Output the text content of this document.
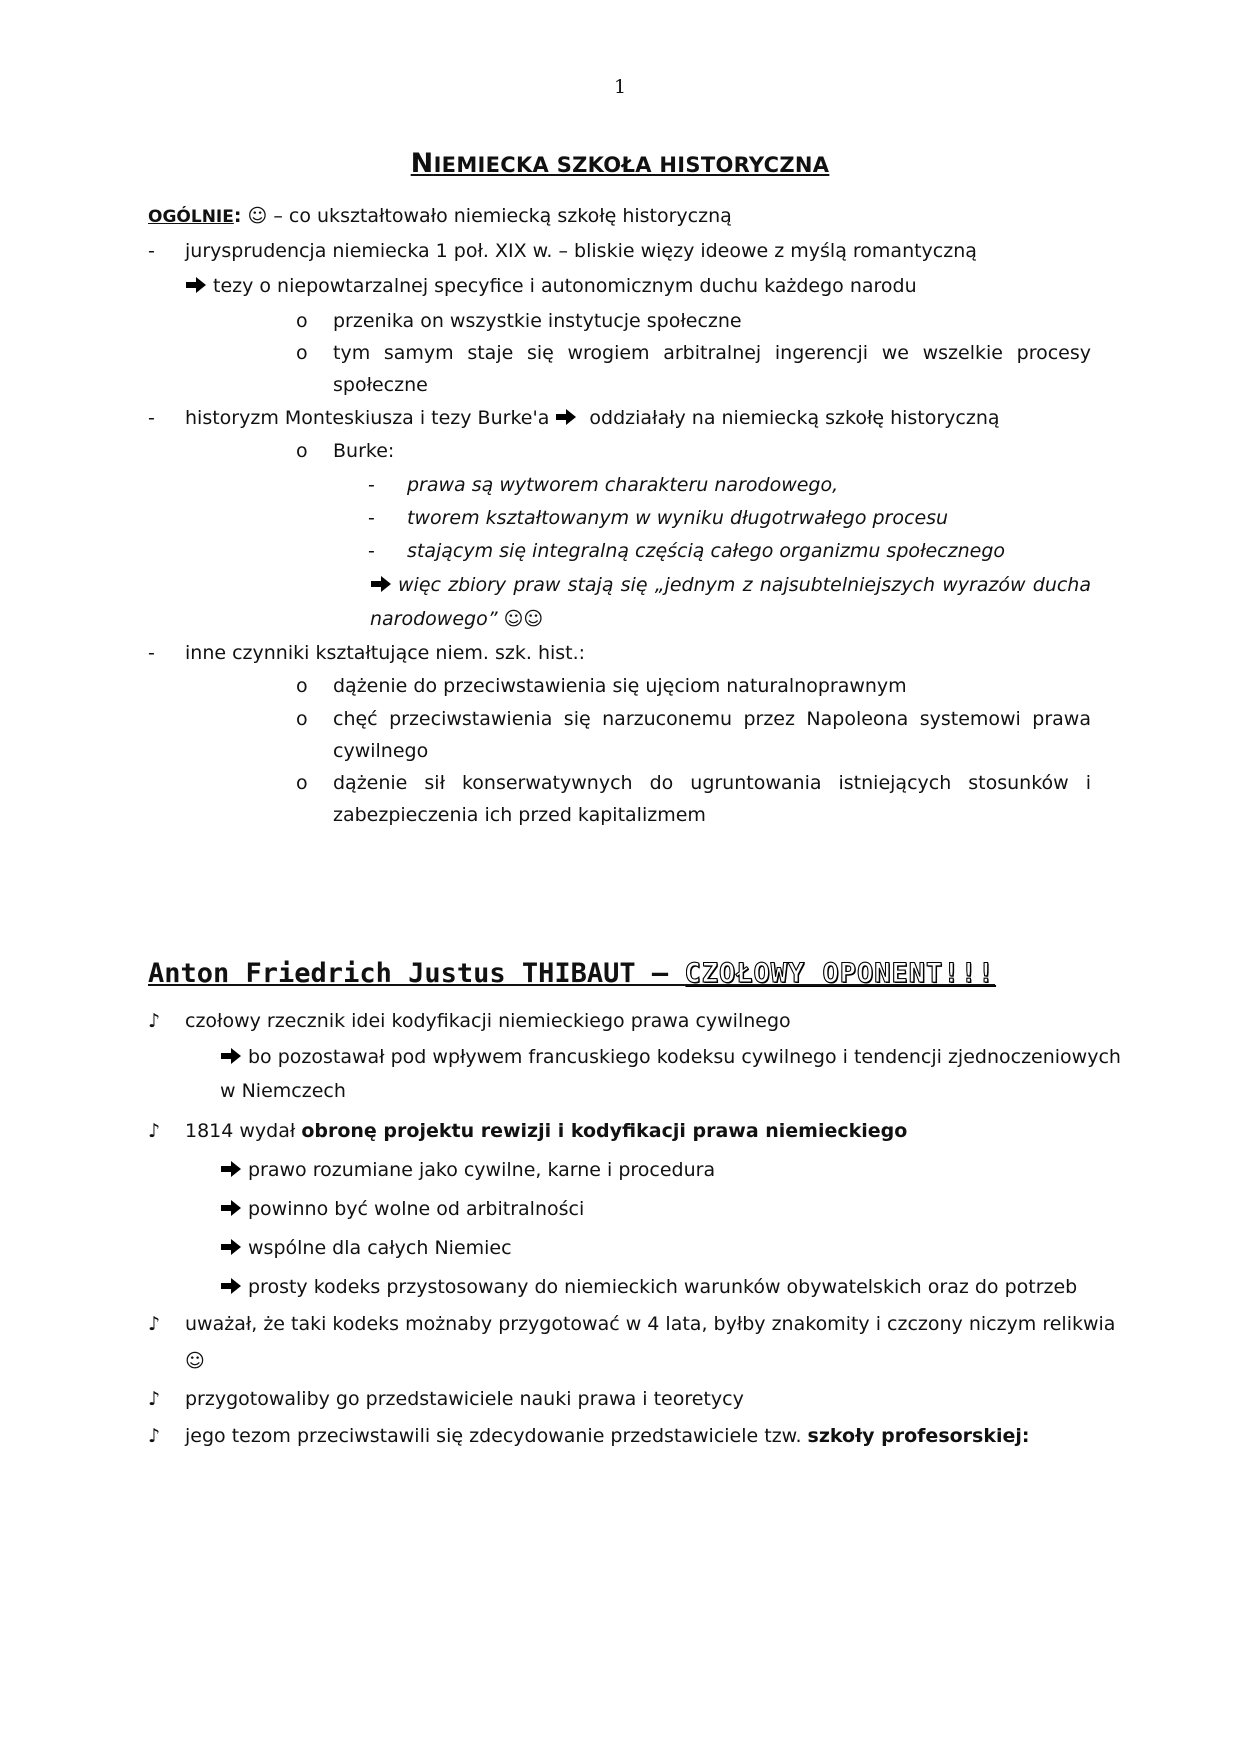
1
NIEMIECKA SZKOŁA HISTORYCZNA
OGÓLNIE: ☺ – co ukształtowało niemiecką szkołę historyczną
- jurysprudencja niemiecka 1 poł. XIX w. – bliskie więzy ideowe z myślą romantyczną
tezy o niepowtarzalnej specyfice i autonomicznym duchu każdego narodu
o przenika on wszystkie instytucje społeczne
o tym samym staje się wrogiem arbitralnej ingerencji we wszelkie procesy
społeczne
- historyzm Monteskiusza i tezy Burke'a  oddziałały na niemiecką szkołę historyczną
o Burke:
- prawa są wytworem charakteru narodowego,
- tworem kształtowanym w wyniku długotrwałego procesu
- stającym się integralną częścią całego organizmu społecznego
więc zbiory praw stają się „jednym z najsubtelniejszych wyrazów ducha
narodowego” ☺☺
- inne czynniki kształtujące niem. szk. hist.:
o dążenie do przeciwstawienia się ujęciom naturalnoprawnym
o chęć przeciwstawienia się narzuconemu przez Napoleona systemowi prawa
cywilnego
o dążenie sił konserwatywnych do ugruntowania istniejących stosunków i
zabezpieczenia ich przed kapitalizmem
Anton Friedrich Justus THIBAUT – CZOŁOWY OPONENT!!!
♪ czołowy rzecznik idei kodyfikacji niemieckiego prawa cywilnego
bo pozostawał pod wpływem francuskiego kodeksu cywilnego i tendencji zjednoczeniowych
w Niemczech
♪ 1814 wydał obronę projektu rewizji i kodyfikacji prawa niemieckiego
prawo rozumiane jako cywilne, karne i procedura
powinno być wolne od arbitralności
wspólne dla całych Niemiec
prosty kodeks przystosowany do niemieckich warunków obywatelskich oraz do potrzeb
♪ uważał, że taki kodeks możnaby przygotować w 4 lata, byłby znakomity i czczony niczym relikwia
☺
♪ przygotowaliby go przedstawiciele nauki prawa i teoretycy
♪ jego tezom przeciwstawili się zdecydowanie przedstawiciele tzw. szkoły profesorskiej:
